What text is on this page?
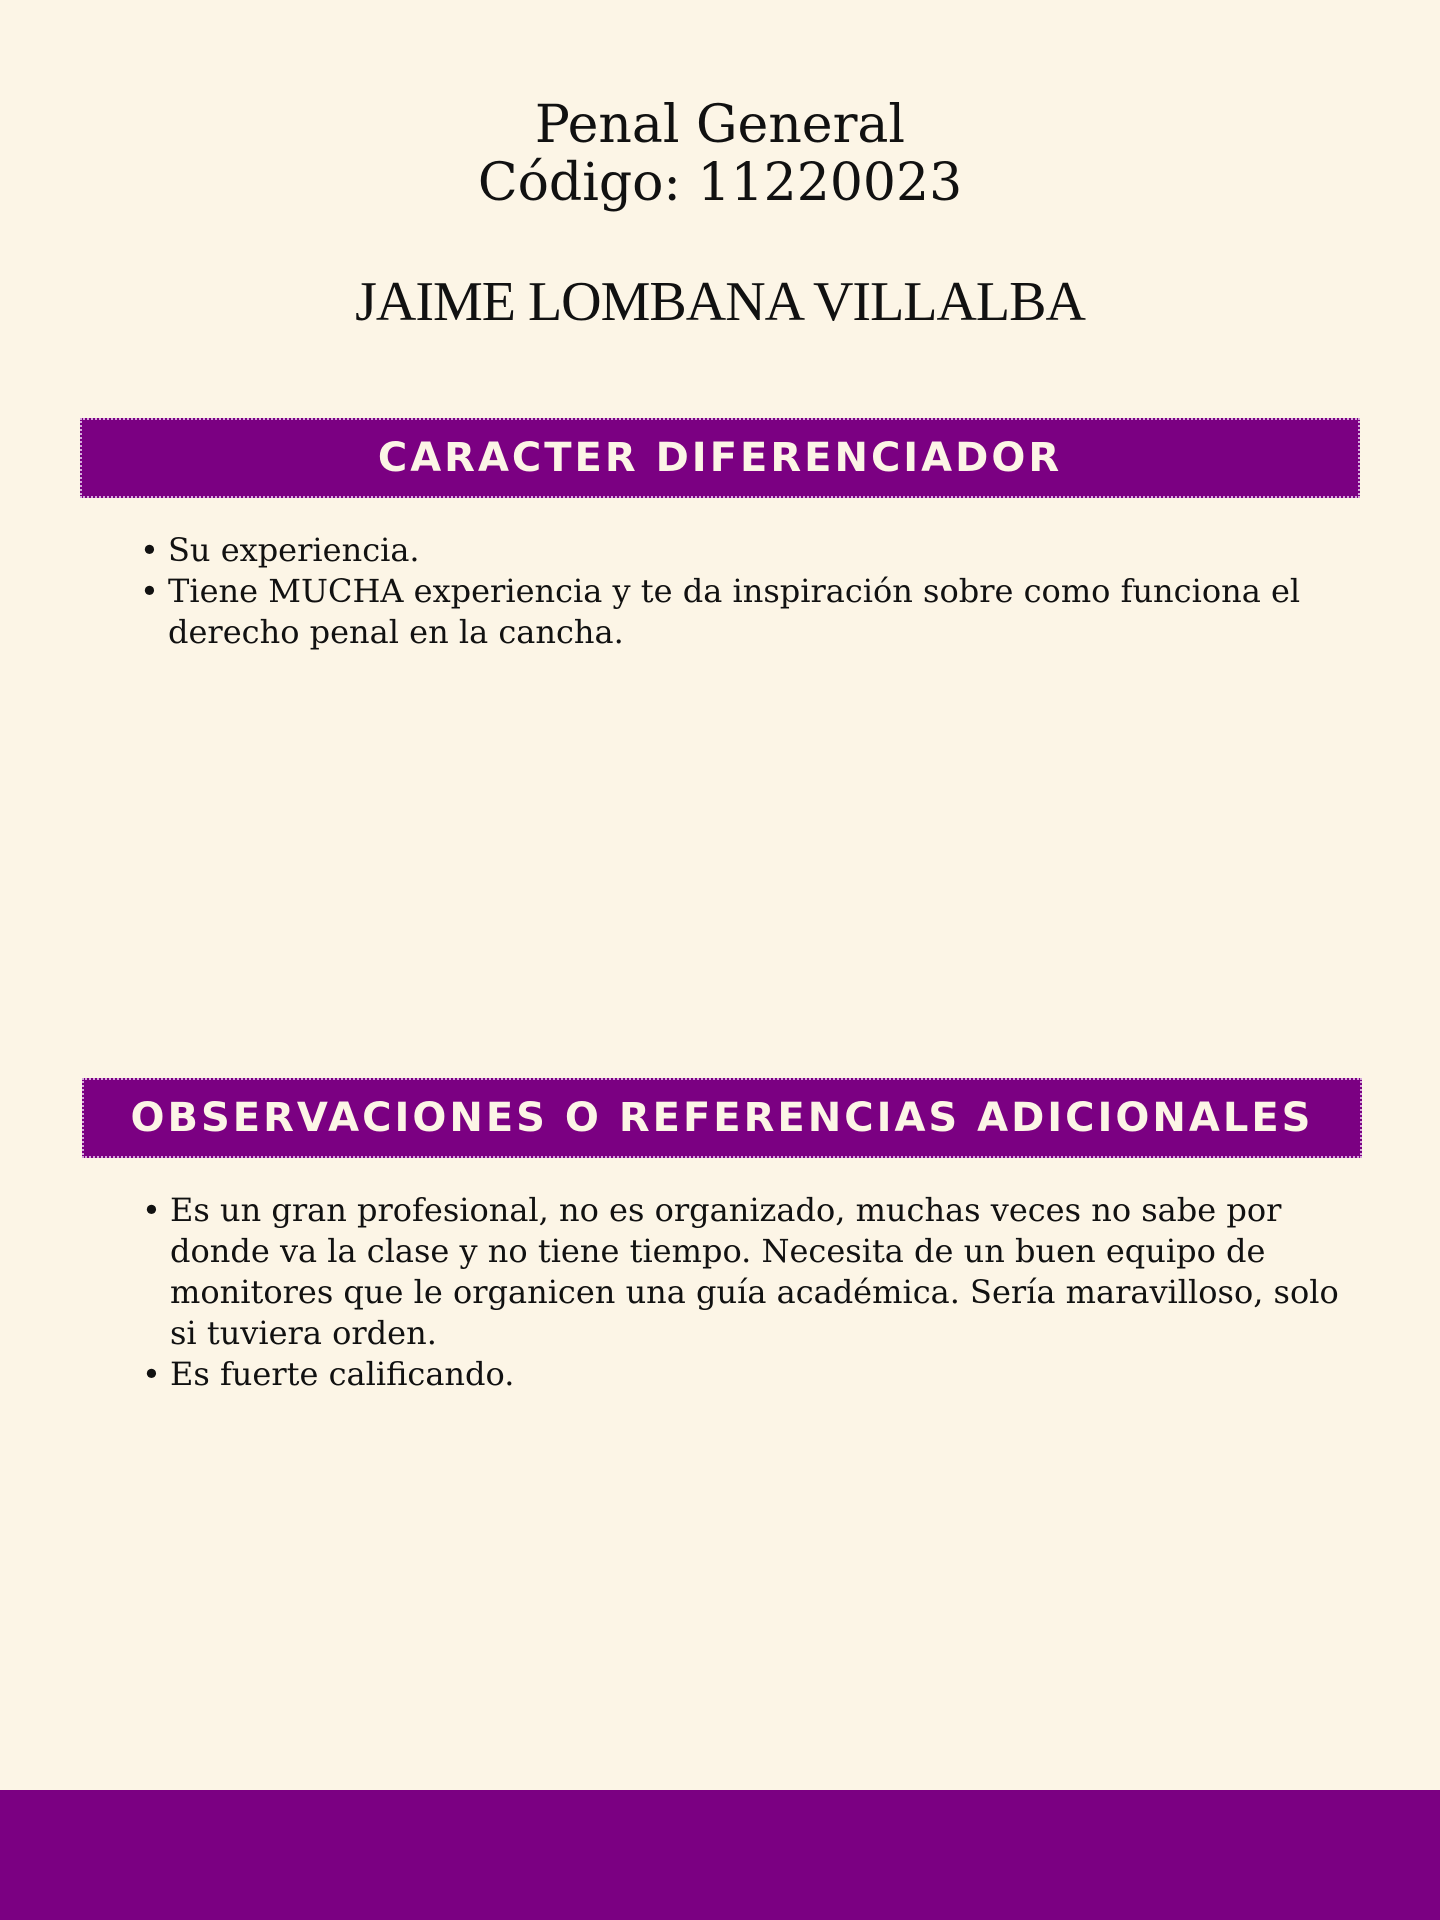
Penal General
Código: 11220023
JAIME LOMBANA VILLALBA
CARACTER DIFERENCIADOR
• Su experiencia.
• Tiene MUCHA experiencia y te da inspiración sobre como funciona el derecho penal en la cancha.
OBSERVACIONES O REFERENCIAS ADICIONALES
• Es un gran profesional, no es organizado, muchas veces no sabe por donde va la clase y no tiene tiempo. Necesita de un buen equipo de monitores que le organicen una guía académica. Sería maravilloso, solo si tuviera orden.
• Es fuerte calificando.
